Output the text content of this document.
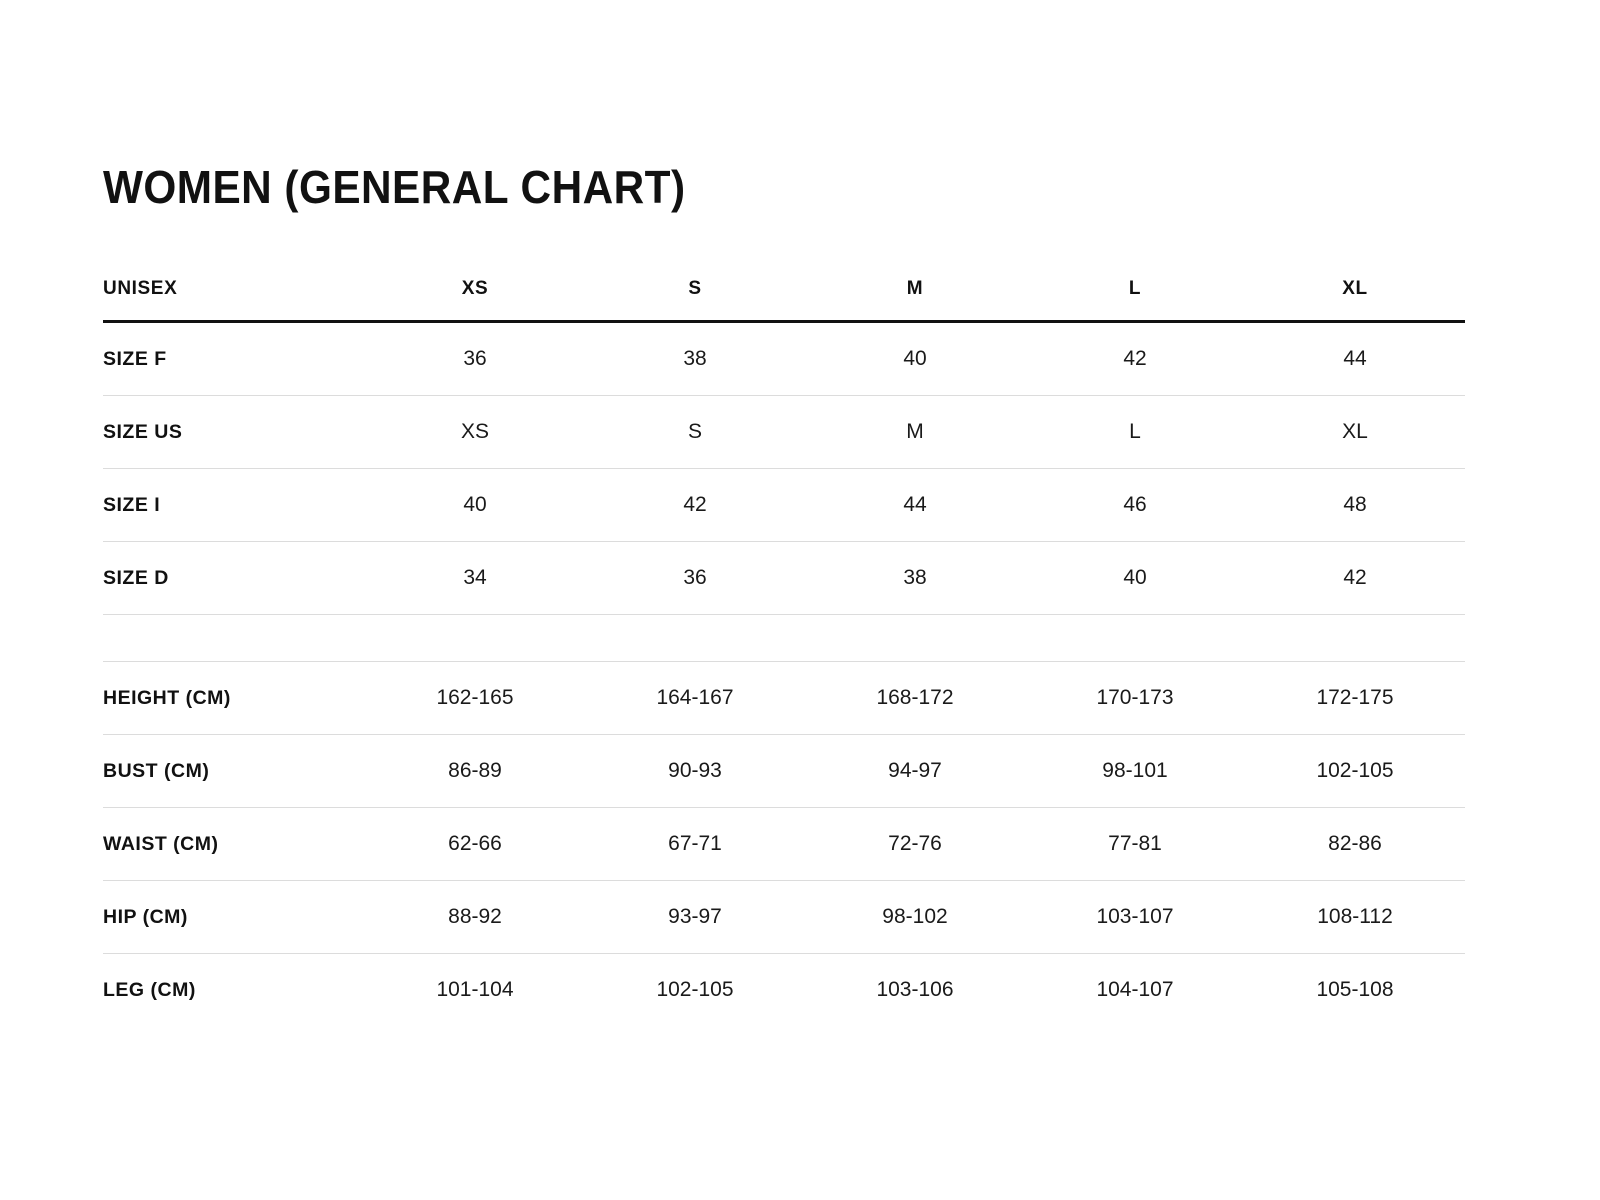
WOMEN (GENERAL CHART)
UNISEX	XS	S	M	L	XL
SIZE F	36	38	40	42	44
SIZE US	XS	S	M	L	XL
SIZE I	40	42	44	46	48
SIZE D	34	36	38	40	42

HEIGHT (CM)	162-165	164-167	168-172	170-173	172-175
BUST (CM)	86-89	90-93	94-97	98-101	102-105
WAIST (CM)	62-66	67-71	72-76	77-81	82-86
HIP (CM)	88-92	93-97	98-102	103-107	108-112
LEG (CM)	101-104	102-105	103-106	104-107	105-108
